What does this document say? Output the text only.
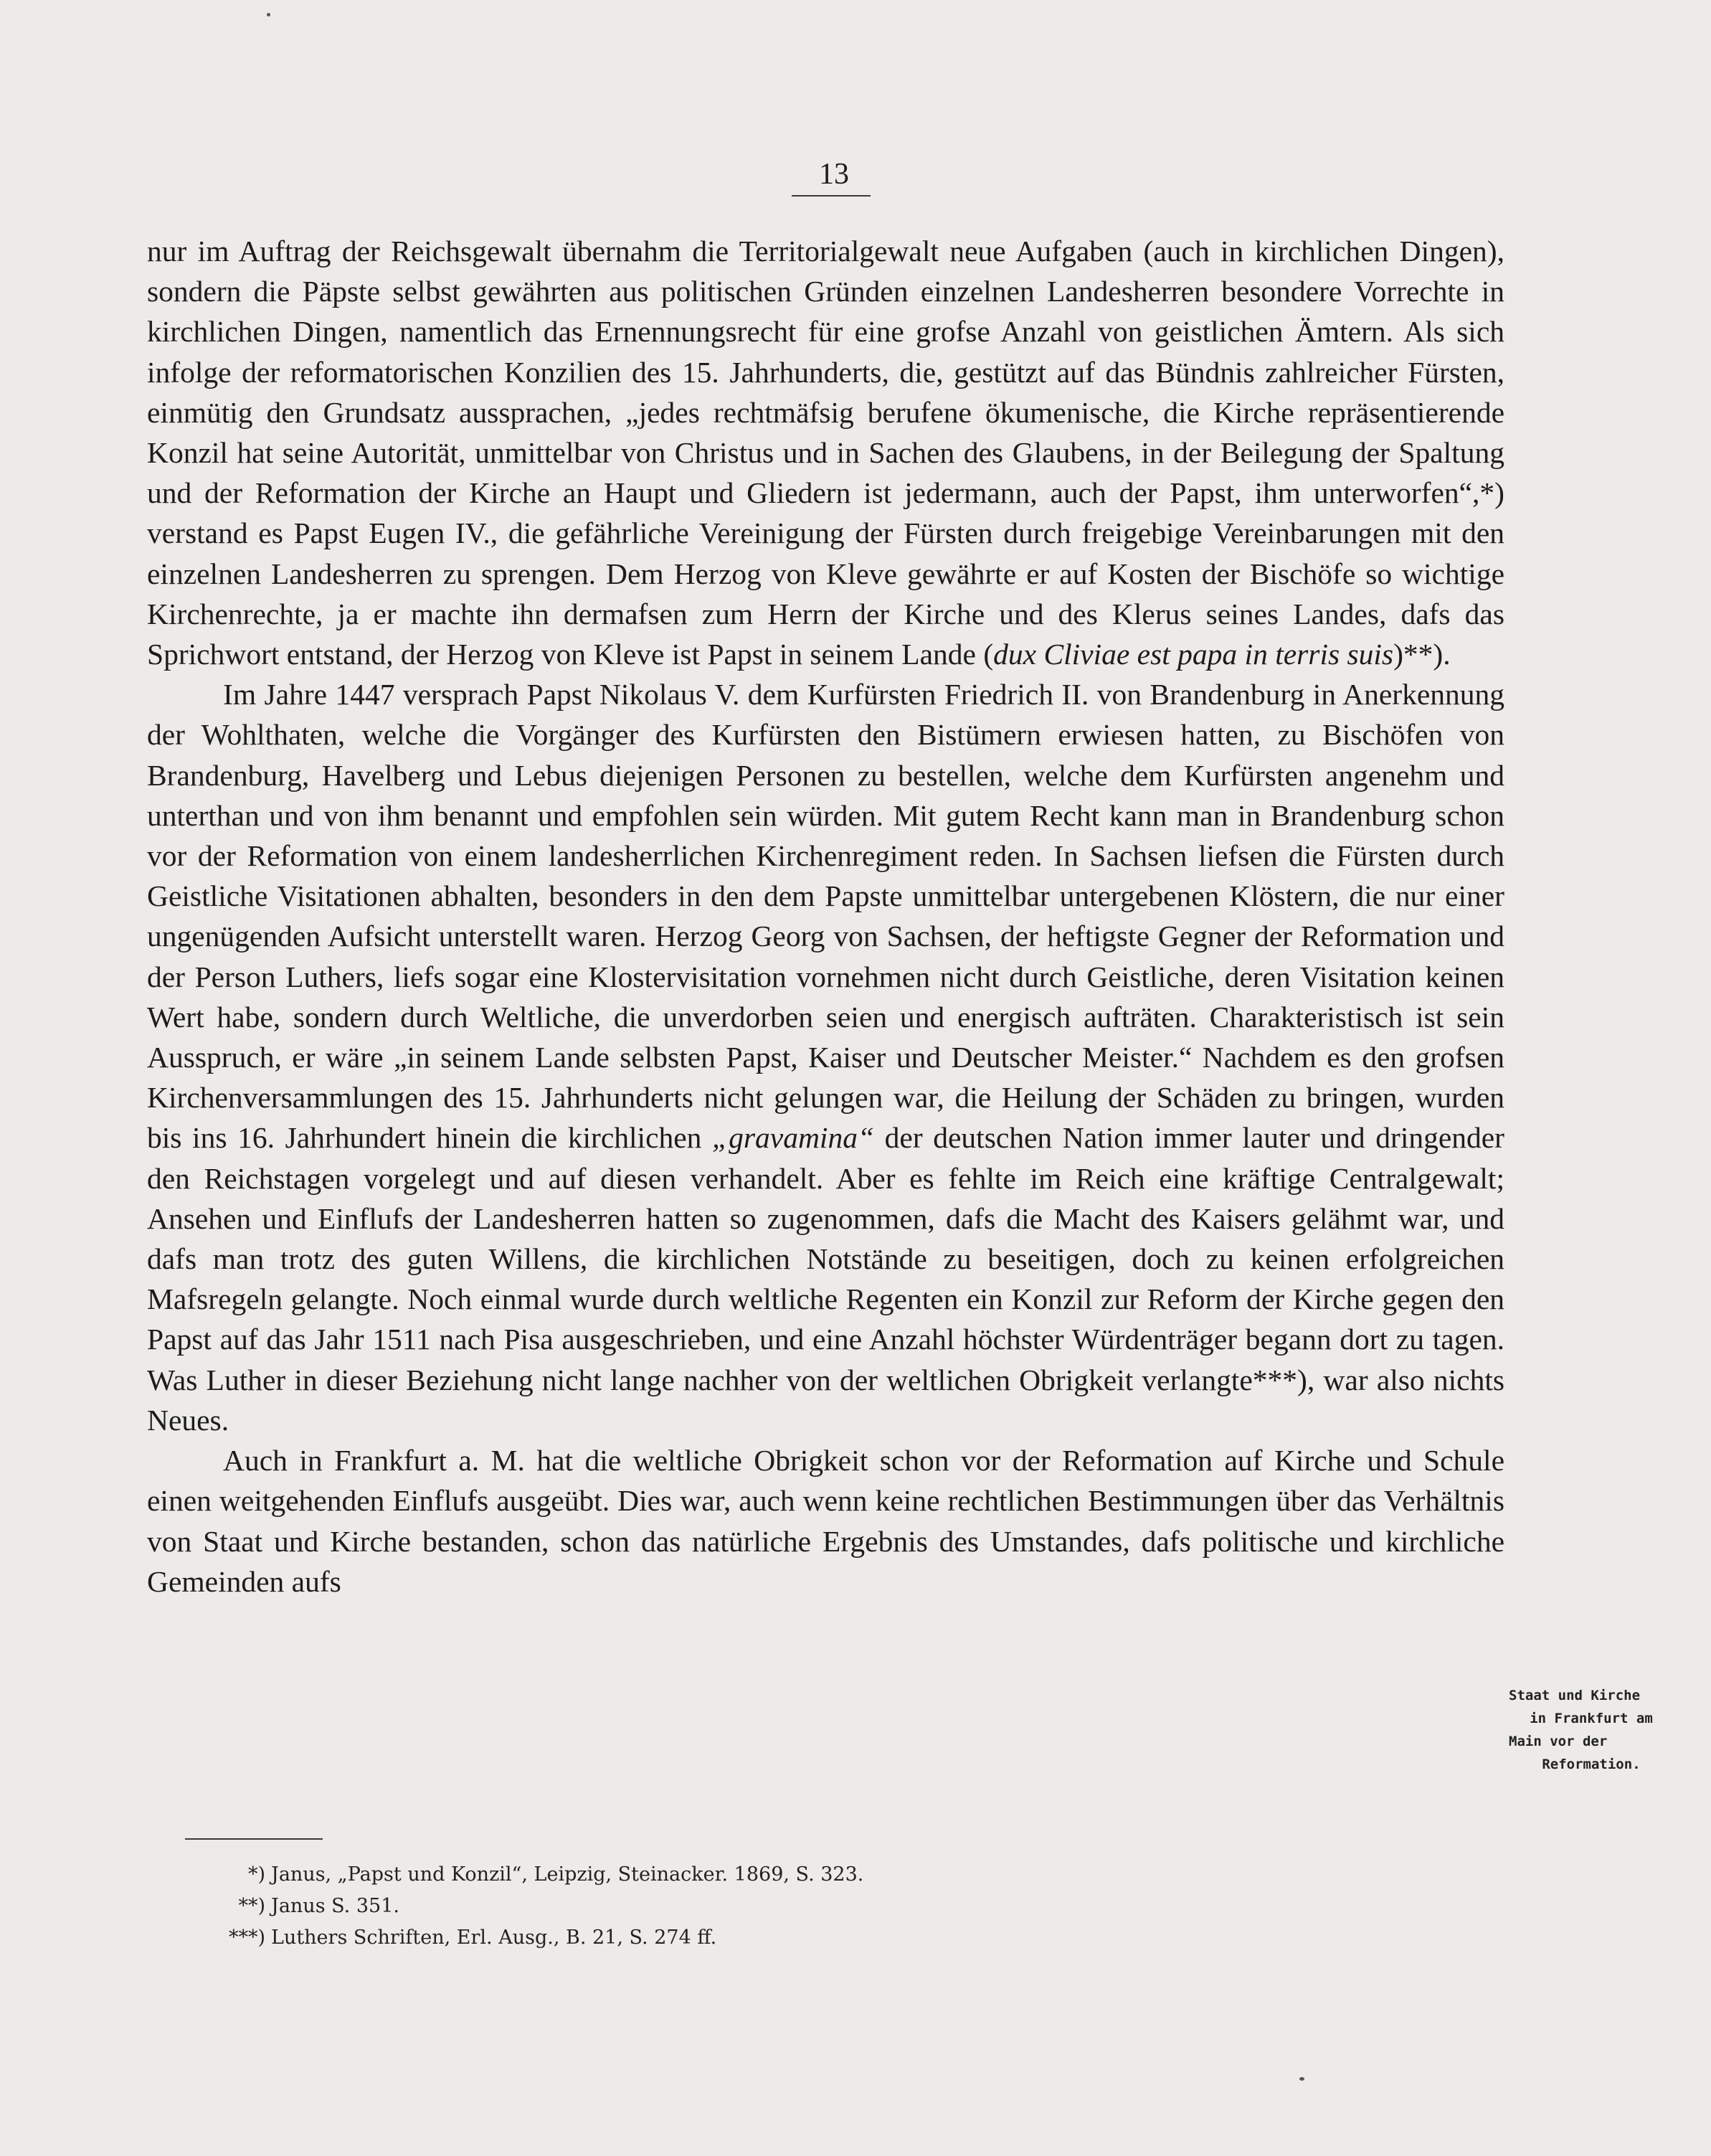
13

nur im Auftrag der Reichsgewalt übernahm die Territorialgewalt neue Aufgaben (auch in kirchlichen Dingen), sondern die Päpste selbst gewährten aus politischen Gründen einzelnen Landesherren besondere Vorrechte in kirchlichen Dingen, namentlich das Ernennungsrecht für eine grofse Anzahl von geistlichen Ämtern. Als sich infolge der reformatorischen Konzilien des 15. Jahrhunderts, die, gestützt auf das Bündnis zahlreicher Fürsten, einmütig den Grundsatz aussprachen, „jedes rechtmäfsig berufene ökumenische, die Kirche repräsentierende Konzil hat seine Autorität, unmittelbar von Christus und in Sachen des Glaubens, in der Beilegung der Spaltung und der Reformation der Kirche an Haupt und Gliedern ist jedermann, auch der Papst, ihm unterworfen“,*) verstand es Papst Eugen IV., die gefährliche Vereinigung der Fürsten durch freigebige Vereinbarungen mit den einzelnen Landesherren zu sprengen. Dem Herzog von Kleve gewährte er auf Kosten der Bischöfe so wichtige Kirchenrechte, ja er machte ihn dermafsen zum Herrn der Kirche und des Klerus seines Landes, dafs das Sprichwort entstand, der Herzog von Kleve ist Papst in seinem Lande (dux Cliviae est papa in terris suis)**).

Im Jahre 1447 versprach Papst Nikolaus V. dem Kurfürsten Friedrich II. von Brandenburg in Anerkennung der Wohlthaten, welche die Vorgänger des Kurfürsten den Bistümern erwiesen hatten, zu Bischöfen von Brandenburg, Havelberg und Lebus diejenigen Personen zu bestellen, welche dem Kurfürsten angenehm und unterthan und von ihm benannt und empfohlen sein würden. Mit gutem Recht kann man in Brandenburg schon vor der Reformation von einem landesherrlichen Kirchenregiment reden. In Sachsen liefsen die Fürsten durch Geistliche Visitationen abhalten, besonders in den dem Papste unmittelbar untergebenen Klöstern, die nur einer ungenügenden Aufsicht unterstellt waren. Herzog Georg von Sachsen, der heftigste Gegner der Reformation und der Person Luthers, liefs sogar eine Klostervisitation vornehmen nicht durch Geistliche, deren Visitation keinen Wert habe, sondern durch Weltliche, die unverdorben seien und energisch aufträten. Charakteristisch ist sein Ausspruch, er wäre „in seinem Lande selbsten Papst, Kaiser und Deutscher Meister.“ Nachdem es den grofsen Kirchenversammlungen des 15. Jahrhunderts nicht gelungen war, die Heilung der Schäden zu bringen, wurden bis ins 16. Jahrhundert hinein die kirchlichen „gravamina“ der deutschen Nation immer lauter und dringender den Reichstagen vorgelegt und auf diesen verhandelt. Aber es fehlte im Reich eine kräftige Centralgewalt; Ansehen und Einflufs der Landesherren hatten so zugenommen, dafs die Macht des Kaisers gelähmt war, und dafs man trotz des guten Willens, die kirchlichen Notstände zu beseitigen, doch zu keinen erfolgreichen Mafsregeln gelangte. Noch einmal wurde durch weltliche Regenten ein Konzil zur Reform der Kirche gegen den Papst auf das Jahr 1511 nach Pisa ausgeschrieben, und eine Anzahl höchster Würdenträger begann dort zu tagen. Was Luther in dieser Beziehung nicht lange nachher von der weltlichen Obrigkeit verlangte***), war also nichts Neues.

Auch in Frankfurt a. M. hat die weltliche Obrigkeit schon vor der Reformation auf Kirche und Schule einen weitgehenden Einflufs ausgeübt. Dies war, auch wenn keine rechtlichen Bestimmungen über das Verhältnis von Staat und Kirche bestanden, schon das natürliche Ergebnis des Umstandes, dafs politische und kirchliche Gemeinden aufs

Staat und Kirche
in Frankfurt am
Main vor der
Reformation.
*) Janus, „Papst und Konzil“, Leipzig, Steinacker. 1869, S. 323.
**) Janus S. 351.
***) Luthers Schriften, Erl. Ausg., B. 21, S. 274 ff.
